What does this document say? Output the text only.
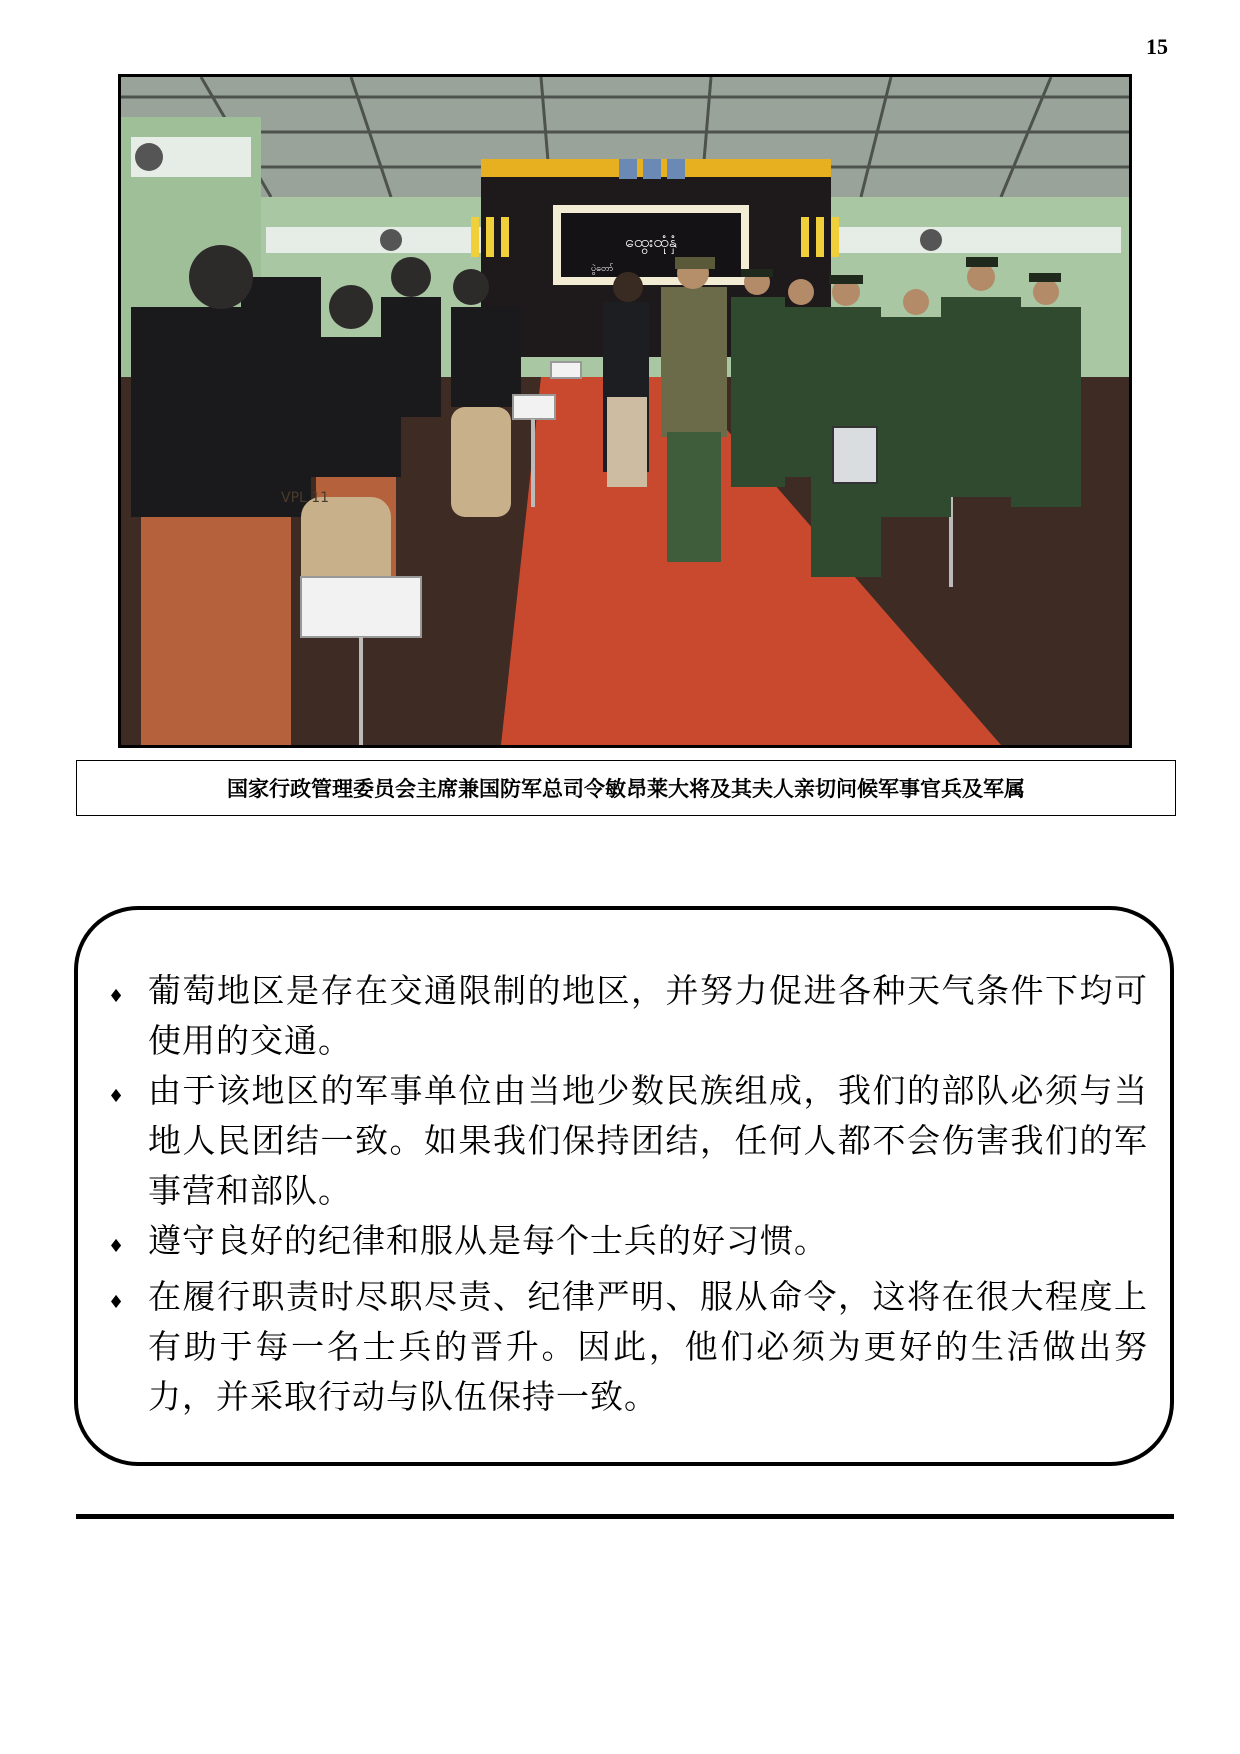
15
ထွေးထုံနှံ
ပွဲတော်
VPL 11
国家行政管理委员会主席兼国防军总司令敏昂莱大将及其夫人亲切问候军事官兵及军属
♦ 葡萄地区是存在交通限制的地区，并努力促进各种天气条件下均可使用的交通。
♦ 由于该地区的军事单位由当地少数民族组成，我们的部队必须与当地人民团结一致。如果我们保持团结，任何人都不会伤害我们的军事营和部队。
♦ 遵守良好的纪律和服从是每个士兵的好习惯。
♦ 在履行职责时尽职尽责、纪律严明、服从命令，这将在很大程度上有助于每一名士兵的晋升。因此，他们必须为更好的生活做出努力，并采取行动与队伍保持一致。
